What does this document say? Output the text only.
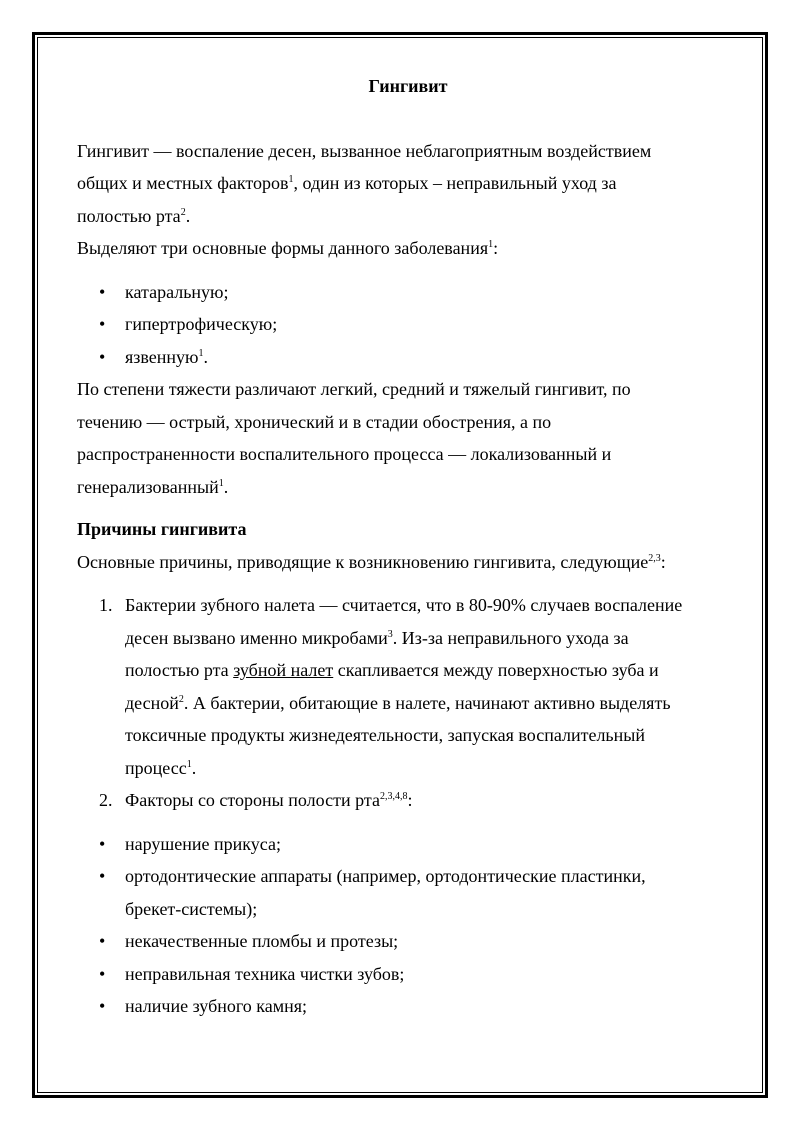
Гингивит

Гингивит — воспаление десен, вызванное неблагоприятным воздействием
общих и местных факторов$^1$, один из которых – неправильный уход за
полостью рта$^2$.

Выделяют три основные формы данного заболевания$^1$:

• катаральную;
• гипертрофическую;
• язвенную$^1$.

По степени тяжести различают легкий, средний и тяжелый гингивит, по
течению — острый, хронический и в стадии обострения, а по
распространенности воспалительного процесса — локализованный и
генерализованный$^1$.

Причины гингивита

Основные причины, приводящие к возникновению гингивита, следующие$^{2,3}$:

1. Бактерии зубного налета — считается, что в 80-90% случаев воспаление
десен вызвано именно микробами$^3$. Из-за неправильного ухода за
полостью рта зубной налет скапливается между поверхностью зуба и
десной$^2$. А бактерии, обитающие в налете, начинают активно выделять
токсичные продукты жизнедеятельности, запуская воспалительный
процесс$^1$.
2. Факторы со стороны полости рта$^{2,3,4,8}$:
• нарушение прикуса;
• ортодонтические аппараты (например, ортодонтические пластинки,
брекет-системы);
• некачественные пломбы и протезы;
• неправильная техника чистки зубов;
• наличие зубного камня;
